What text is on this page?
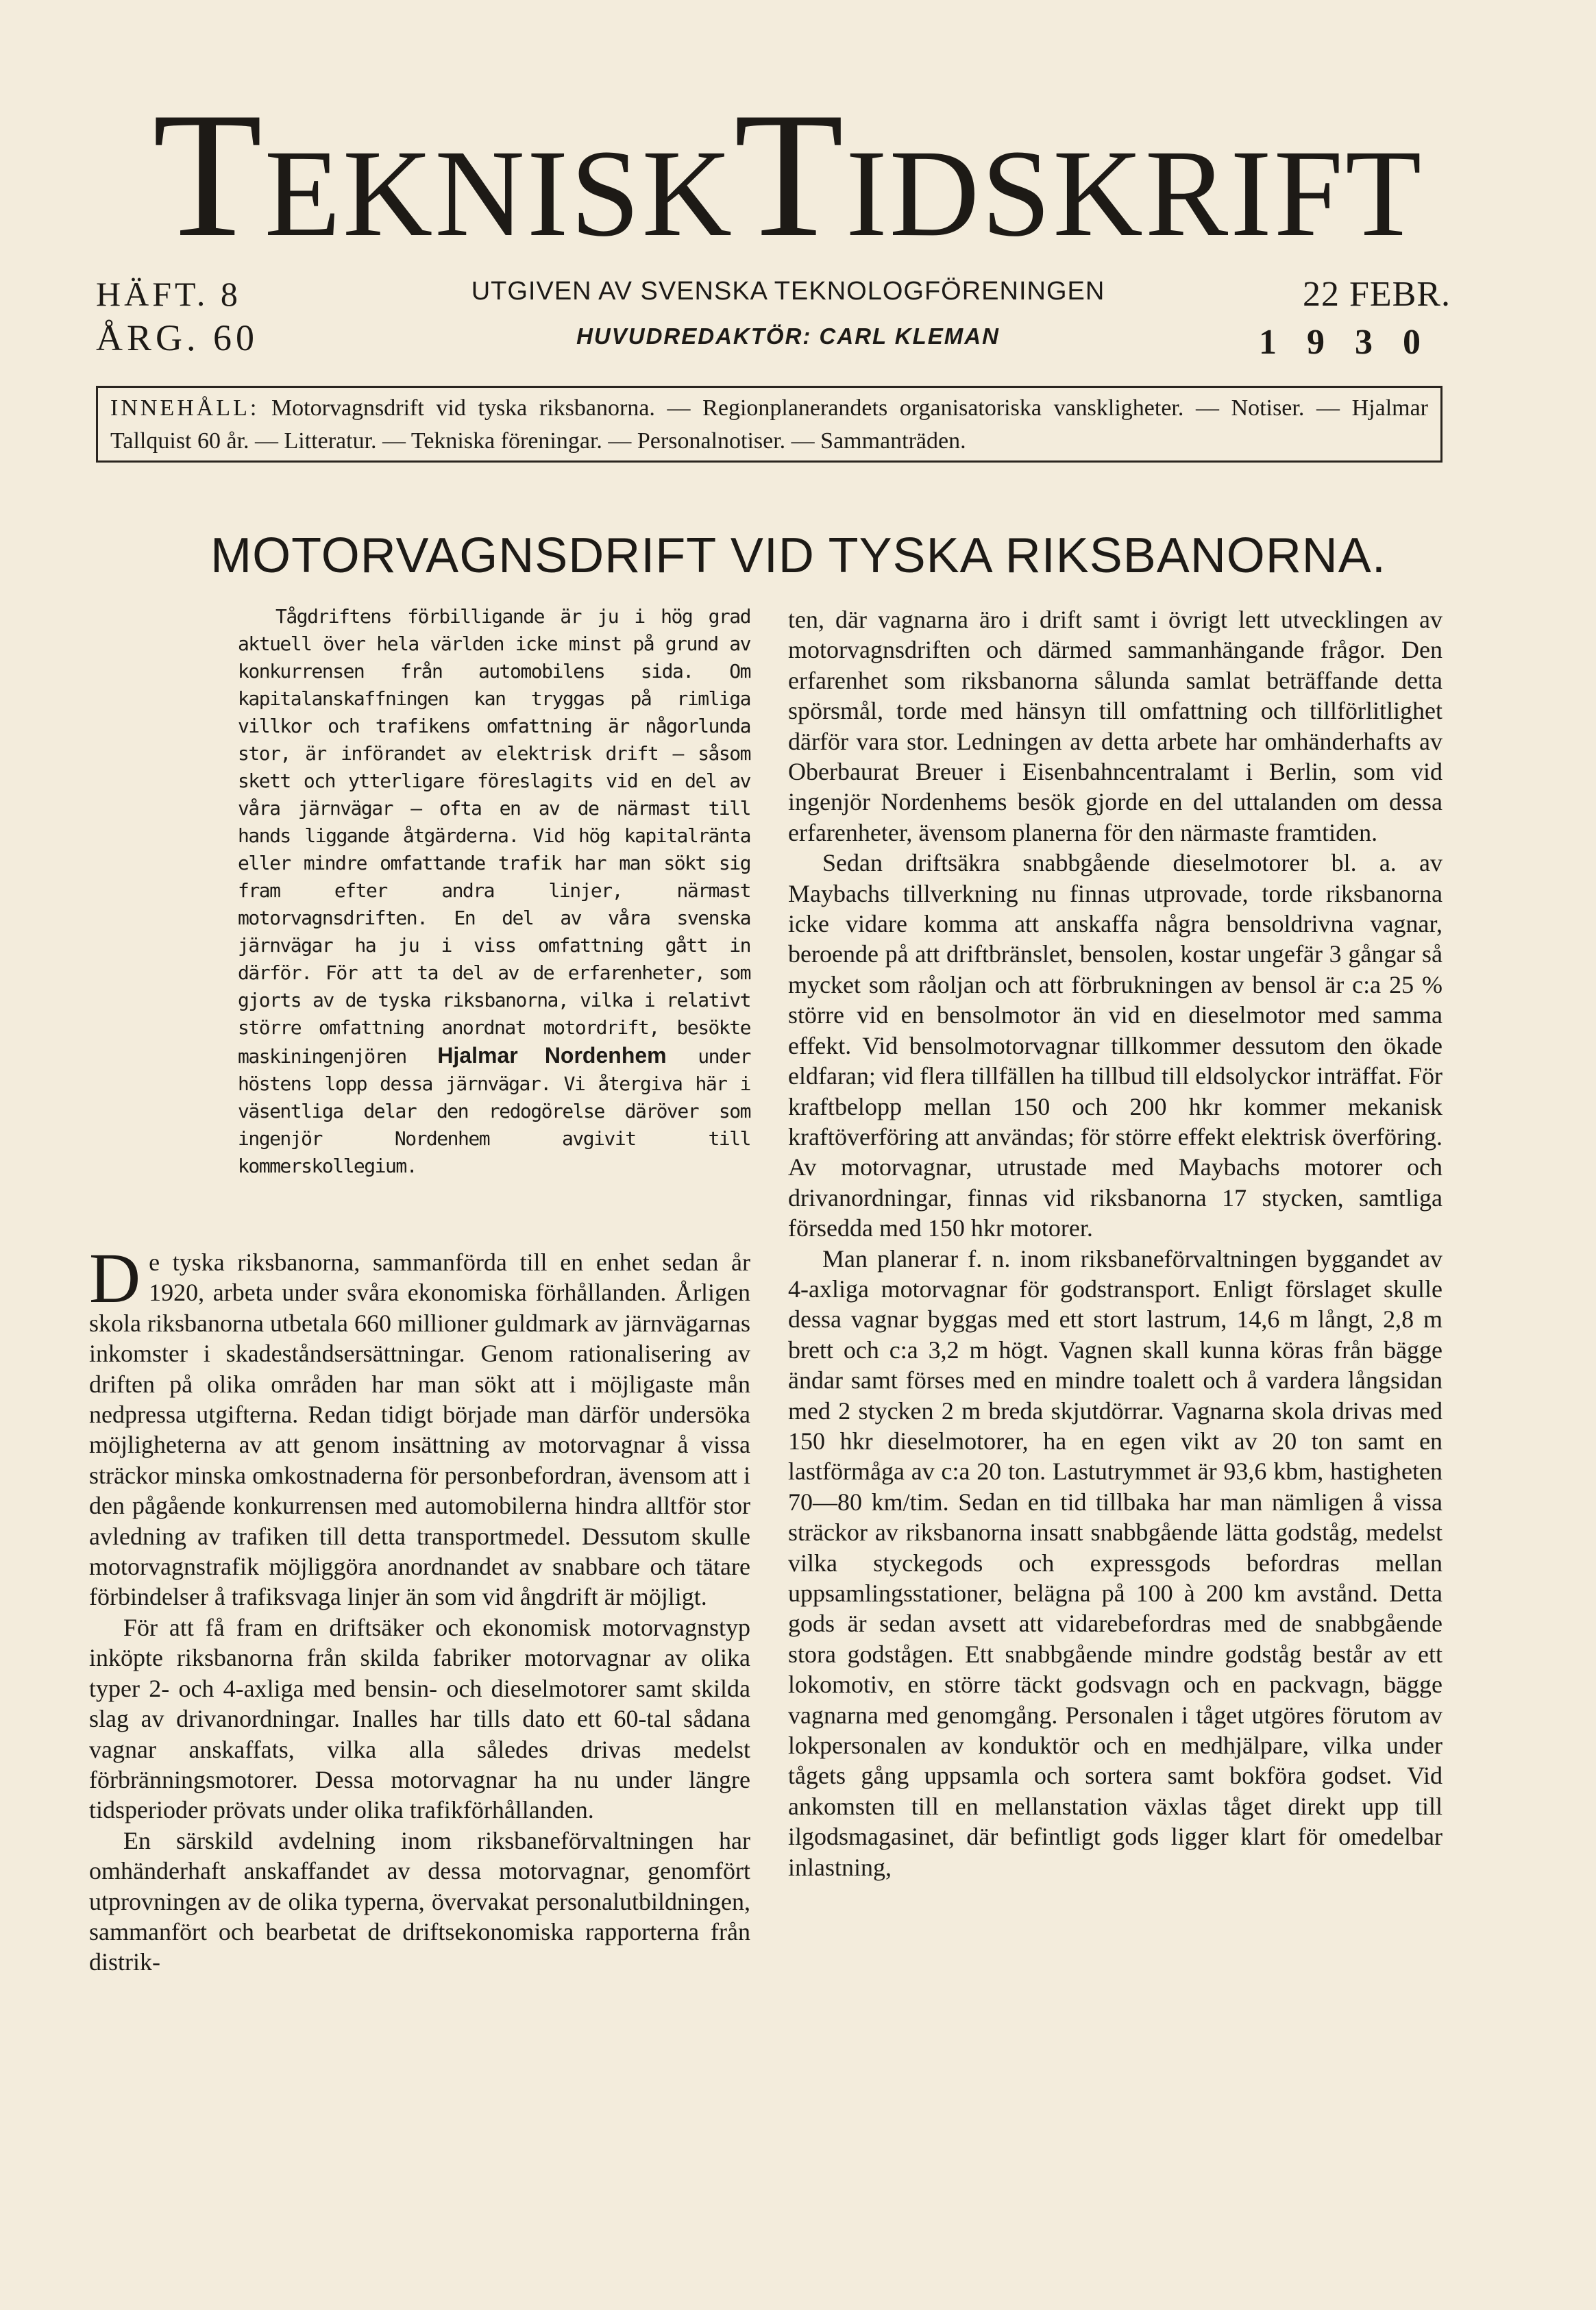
TEKNISKTIDSKRIFT
HÄFT. 8
ÅRG. 60
UTGIVEN AV SVENSKA TEKNOLOGFÖRENINGEN
HUVUDREDAKTÖR: CARL KLEMAN
22 FEBR.
1930
INNEHÅLL: Motorvagnsdrift vid tyska riksbanorna. — Regionplanerandets organisatoriska vanskligheter. — Notiser. — Hjalmar Tallquist 60 år. — Litteratur. — Tekniska föreningar. — Personalnotiser. — Sammanträden.
MOTORVAGNSDRIFT VID TYSKA RIKSBANORNA.

Tågdriftens förbilligande är ju i hög grad aktuell över hela världen icke minst på grund av konkurrensen från automobilens sida. Om kapitalanskaffningen kan tryggas på rimliga villkor och trafikens omfattning är någorlunda stor, är införandet av elektrisk drift — såsom skett och ytterligare föreslagits vid en del av våra järnvägar — ofta en av de närmast till hands liggande åtgärderna. Vid hög kapitalränta eller mindre omfattande trafik har man sökt sig fram efter andra linjer, närmast motorvagnsdriften. En del av våra svenska järnvägar ha ju i viss omfattning gått in därför. För att ta del av de erfarenheter, som gjorts av de tyska riksbanorna, vilka i relativt större omfattning anordnat motordrift, besökte maskiningenjören Hjalmar Nordenhem under höstens lopp dessa järnvägar. Vi återgiva här i väsentliga delar den redogörelse däröver som ingenjör Nordenhem avgivit till kommerskollegium.

De tyska riksbanorna, sammanförda till en enhet sedan år 1920, arbeta under svåra ekonomiska förhållanden. Årligen skola riksbanorna utbetala 660 millioner guldmark av järnvägarnas inkomster i skadeståndsersättningar. Genom rationalisering av driften på olika områden har man sökt att i möjligaste mån nedpressa utgifterna. Redan tidigt började man därför undersöka möjligheterna av att genom insättning av motorvagnar å vissa sträckor minska omkostnaderna för personbefordran, ävensom att i den pågående konkurrensen med automobilerna hindra alltför stor avledning av trafiken till detta transportmedel. Dessutom skulle motorvagnstrafik möjliggöra anordnandet av snabbare och tätare förbindelser å trafiksvaga linjer än som vid ångdrift är möjligt.

För att få fram en driftsäker och ekonomisk motorvagnstyp inköpte riksbanorna från skilda fabriker motorvagnar av olika typer 2- och 4-axliga med bensin- och dieselmotorer samt skilda slag av drivanordningar. Inalles har tills dato ett 60-tal sådana vagnar anskaffats, vilka alla således drivas medelst förbränningsmotorer. Dessa motorvagnar ha nu under längre tidsperioder prövats under olika trafikförhållanden.

En särskild avdelning inom riksbaneförvaltningen har omhänderhaft anskaffandet av dessa motorvagnar, genomfört utprovningen av de olika typerna, övervakat personalutbildningen, sammanfört och bearbetat de driftsekonomiska rapporterna från distrik-

ten, där vagnarna äro i drift samt i övrigt lett utvecklingen av motorvagnsdriften och därmed sammanhängande frågor. Den erfarenhet som riksbanorna sålunda samlat beträffande detta spörsmål, torde med hänsyn till omfattning och tillförlitlighet därför vara stor. Ledningen av detta arbete har omhänderhafts av Oberbaurat Breuer i Eisenbahncentralamt i Berlin, som vid ingenjör Nordenhems besök gjorde en del uttalanden om dessa erfarenheter, ävensom planerna för den närmaste framtiden.

Sedan driftsäkra snabbgående dieselmotorer bl. a. av Maybachs tillverkning nu finnas utprovade, torde riksbanorna icke vidare komma att anskaffa några bensoldrivna vagnar, beroende på att driftbränslet, bensolen, kostar ungefär 3 gångar så mycket som råoljan och att förbrukningen av bensol är c:a 25 % större vid en bensolmotor än vid en dieselmotor med samma effekt. Vid bensolmotorvagnar tillkommer dessutom den ökade eldfaran; vid flera tillfällen ha tillbud till eldsolyckor inträffat. För kraftbelopp mellan 150 och 200 hkr kommer mekanisk kraftöverföring att användas; för större effekt elektrisk överföring. Av motorvagnar, utrustade med Maybachs motorer och drivanordningar, finnas vid riksbanorna 17 stycken, samtliga försedda med 150 hkr motorer.

Man planerar f. n. inom riksbaneförvaltningen byggandet av 4-axliga motorvagnar för godstransport. Enligt förslaget skulle dessa vagnar byggas med ett stort lastrum, 14,6 m långt, 2,8 m brett och c:a 3,2 m högt. Vagnen skall kunna köras från bägge ändar samt förses med en mindre toalett och å vardera långsidan med 2 stycken 2 m breda skjutdörrar. Vagnarna skola drivas med 150 hkr dieselmotorer, ha en egen vikt av 20 ton samt en lastförmåga av c:a 20 ton. Lastutrymmet är 93,6 kbm, hastigheten 70—80 km/tim. Sedan en tid tillbaka har man nämligen å vissa sträckor av riksbanorna insatt snabbgående lätta godståg, medelst vilka styckegods och expressgods befordras mellan uppsamlingsstationer, belägna på 100 à 200 km avstånd. Detta gods är sedan avsett att vidarebefordras med de snabbgående stora godstågen. Ett snabbgående mindre godståg består av ett lokomotiv, en större täckt godsvagn och en packvagn, bägge vagnarna med genomgång. Personalen i tåget utgöres förutom av lokpersonalen av konduktör och en medhjälpare, vilka under tågets gång uppsamla och sortera samt bokföra godset. Vid ankomsten till en mellanstation växlas tåget direkt upp till ilgodsmagasinet, där befintligt gods ligger klart för omedelbar inlastning,
